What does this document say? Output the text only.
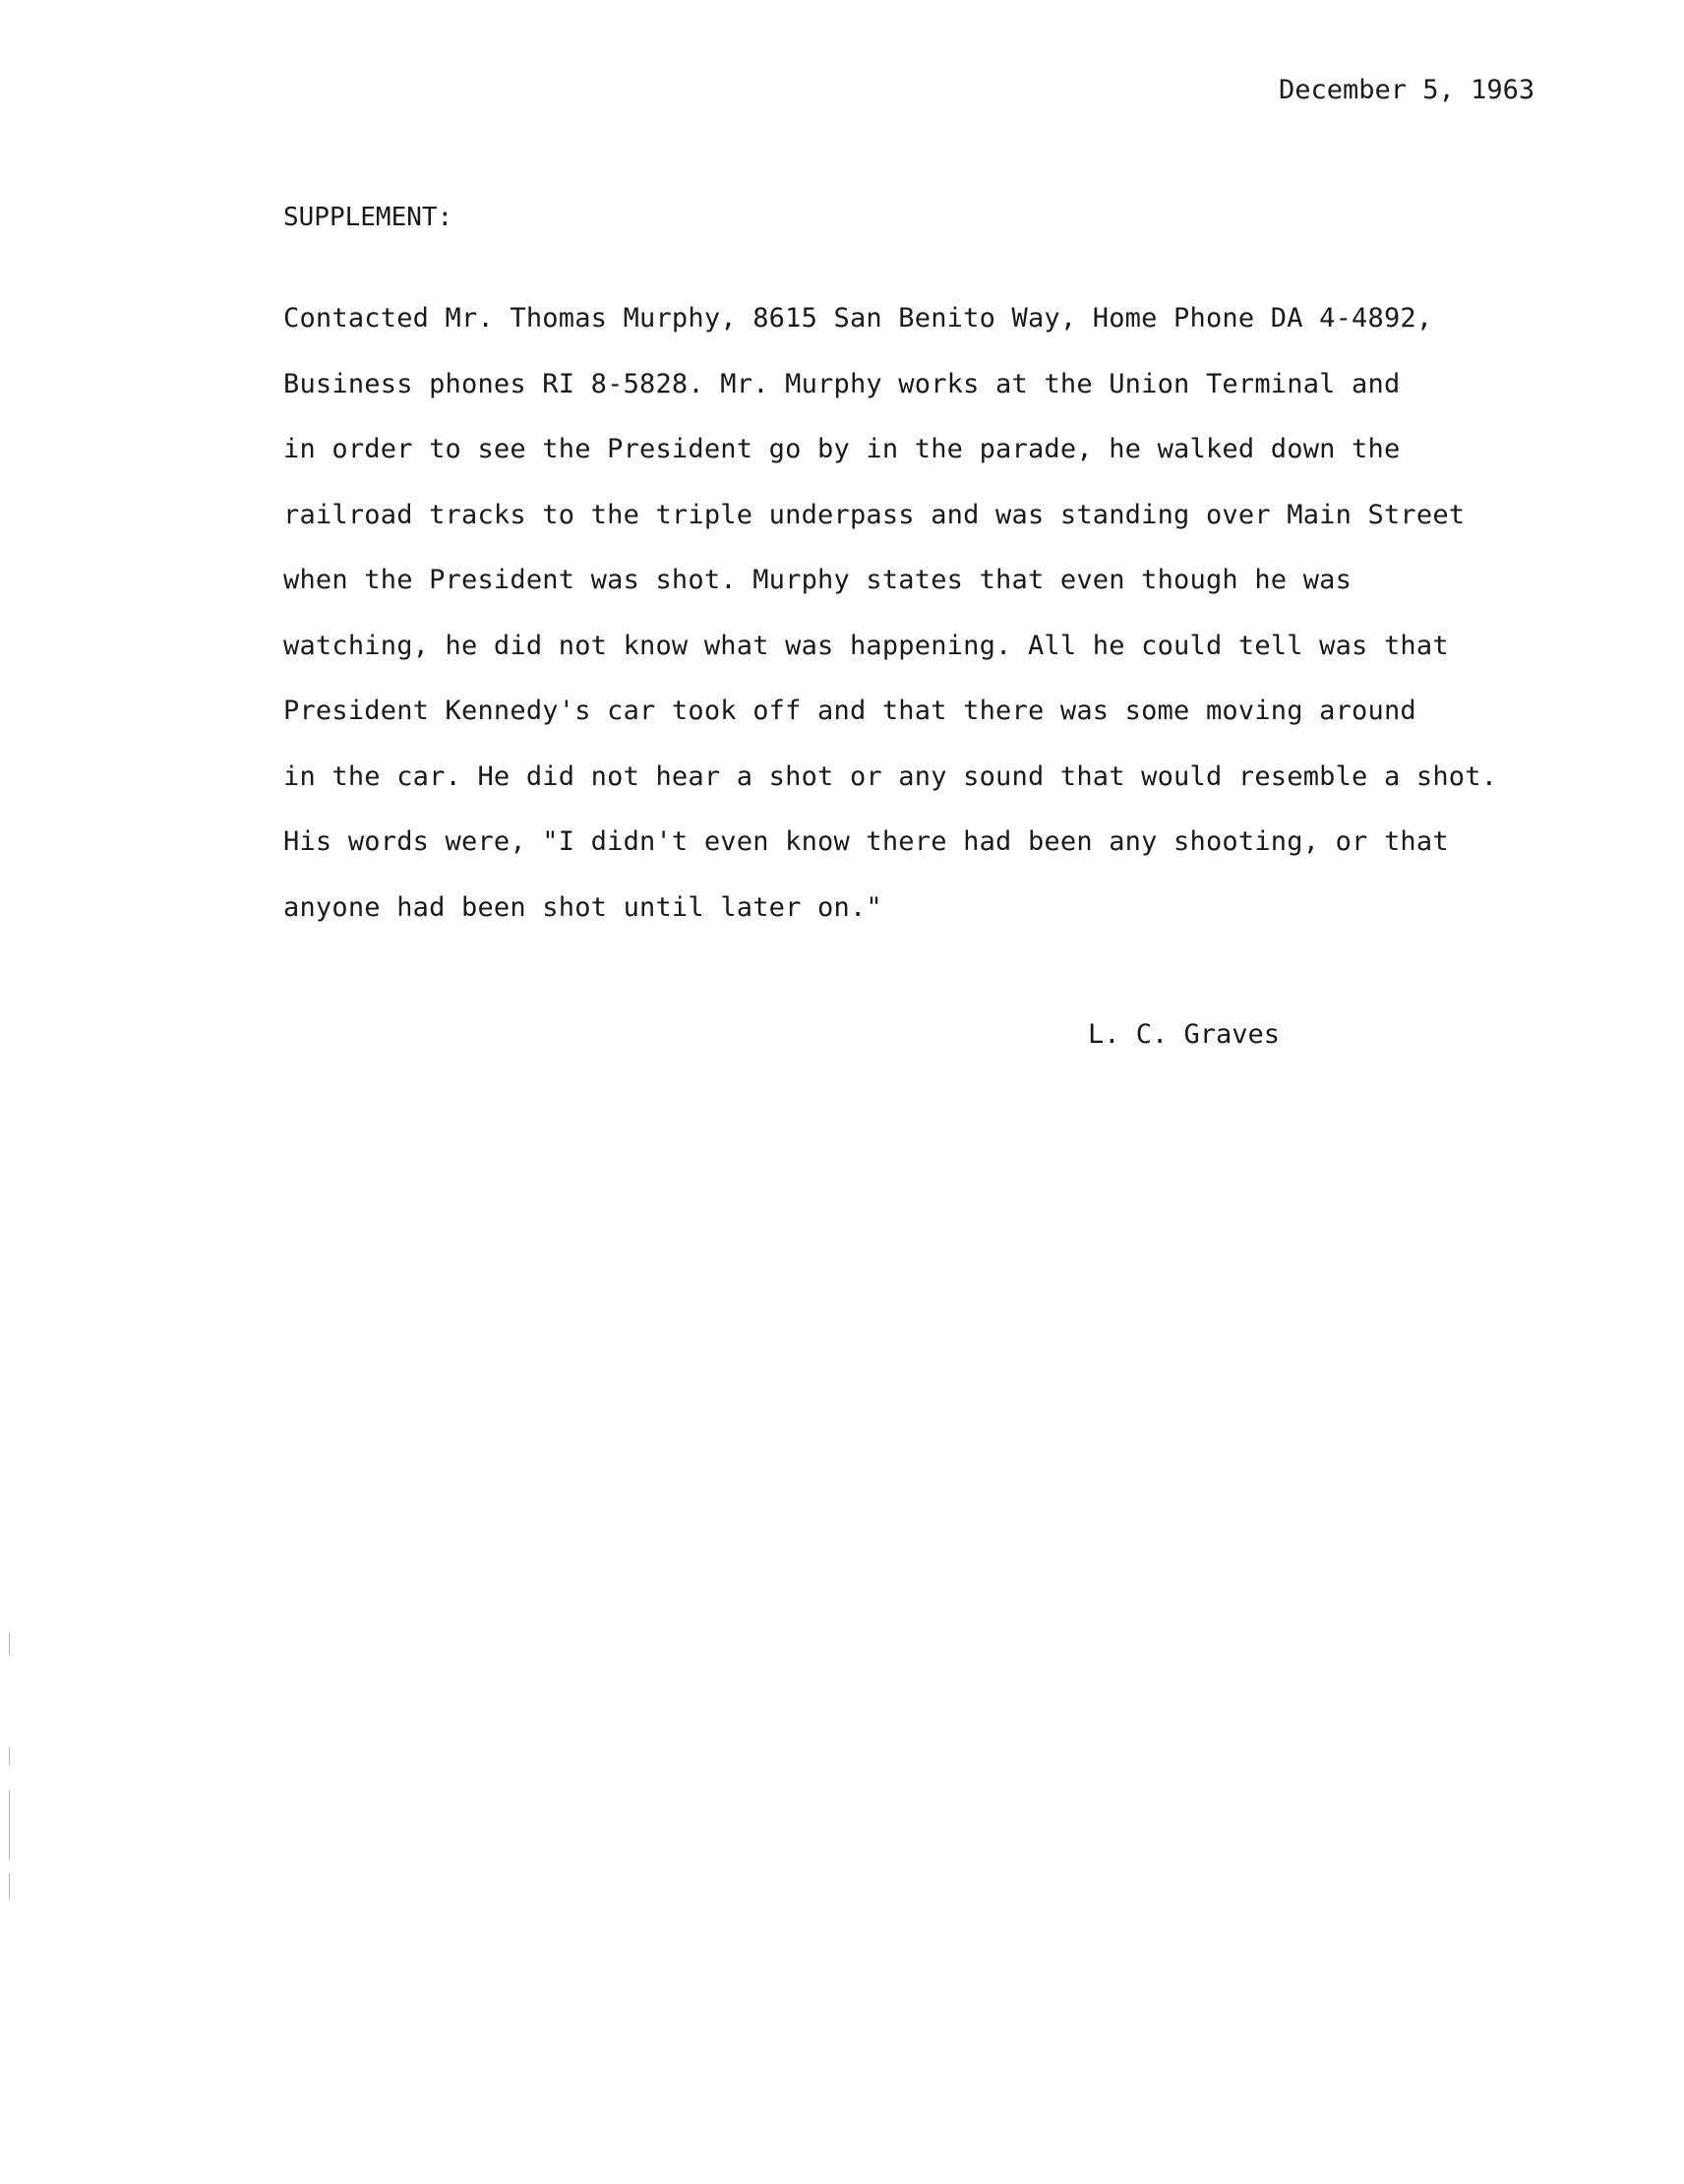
December 5, 1963
SUPPLEMENT:
Contacted Mr. Thomas Murphy, 8615 San Benito Way, Home Phone DA 4-4892,
Business phones RI 8-5828. Mr. Murphy works at the Union Terminal and
in order to see the President go by in the parade, he walked down the
railroad tracks to the triple underpass and was standing over Main Street
when the President was shot. Murphy states that even though he was
watching, he did not know what was happening. All he could tell was that
President Kennedy's car took off and that there was some moving around
in the car. He did not hear a shot or any sound that would resemble a shot.
His words were, "I didn't even know there had been any shooting, or that
anyone had been shot until later on."
L. C. Graves
